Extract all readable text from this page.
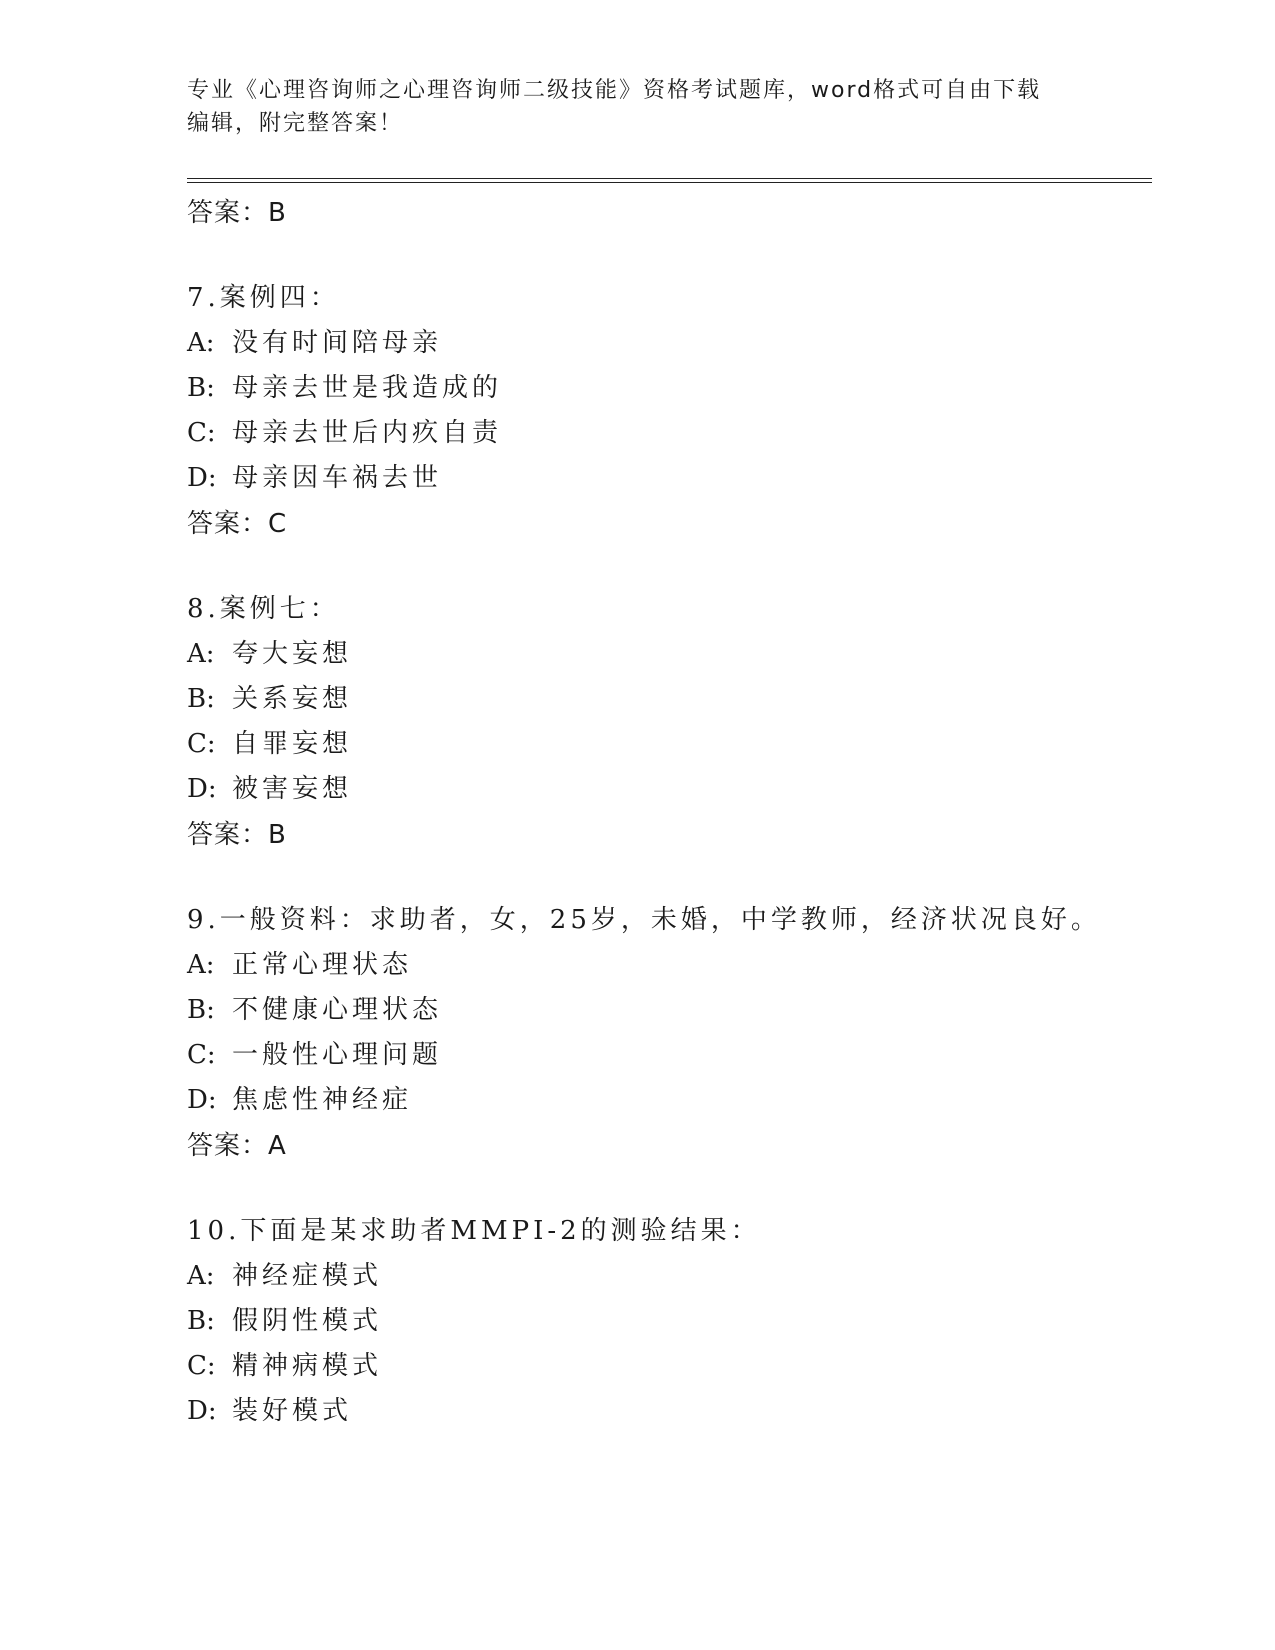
专业《心理咨询师之心理咨询师二级技能》资格考试题库，word格式可自由下载
编辑，附完整答案！
答案：B
7.案例四：
A: 没有时间陪母亲
B: 母亲去世是我造成的
C: 母亲去世后内疚自责
D: 母亲因车祸去世
答案：C
8.案例七：
A: 夸大妄想
B: 关系妄想
C: 自罪妄想
D: 被害妄想
答案：B
9.一般资料：求助者，女，25岁，未婚，中学教师，经济状况良好。
A: 正常心理状态
B: 不健康心理状态
C: 一般性心理问题
D: 焦虑性神经症
答案：A
10.下面是某求助者MMPI-2的测验结果：
A: 神经症模式
B: 假阴性模式
C: 精神病模式
D: 装好模式
